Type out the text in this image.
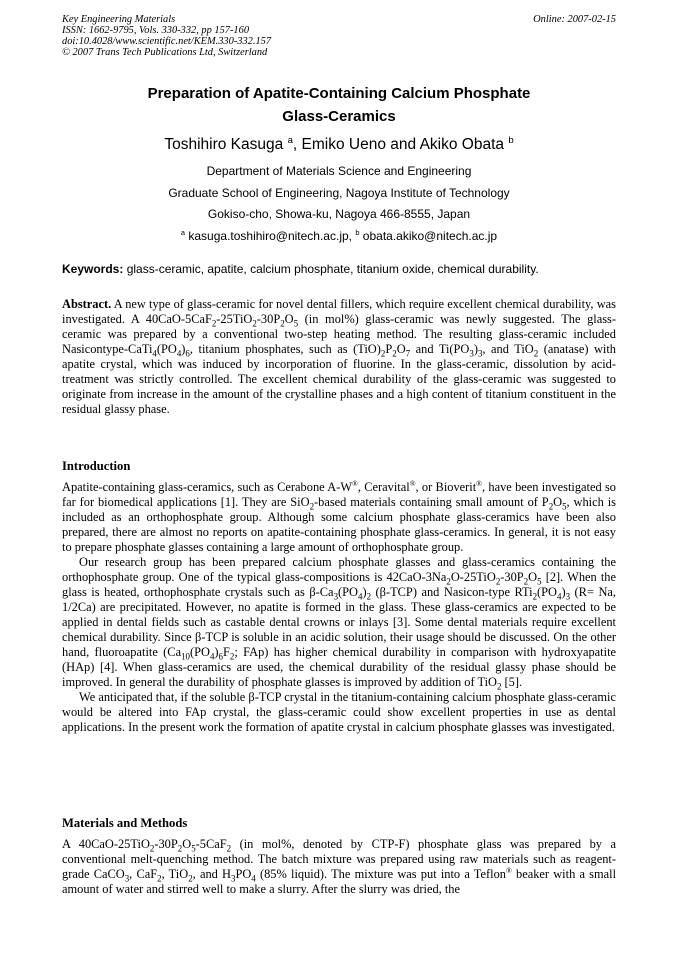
Key Engineering Materials
ISSN: 1662-9795, Vols. 330-332, pp 157-160
doi:10.4028/www.scientific.net/KEM.330-332.157
© 2007 Trans Tech Publications Ltd, Switzerland
Online: 2007-02-15
Preparation of Apatite-Containing Calcium Phosphate
Glass-Ceramics
Toshihiro Kasuga $^a$, Emiko Ueno and Akiko Obata $^b$
Department of Materials Science and Engineering
Graduate School of Engineering, Nagoya Institute of Technology
Gokiso-cho, Showa-ku, Nagoya 466-8555, Japan
$^a$ kasuga.toshihiro@nitech.ac.jp, $^b$ obata.akiko@nitech.ac.jp
Keywords: glass-ceramic, apatite, calcium phosphate, titanium oxide, chemical durability.

Abstract. A new type of glass-ceramic for novel dental fillers, which require excellent chemical durability, was investigated. A $40CaO-5CaF_2-25TiO_2-30P_2O_5$ (in mol%) glass-ceramic was newly suggested. The glass-ceramic was prepared by a conventional two-step heating method. The resulting glass-ceramic included Nasicontype-$CaTi_4(PO_4)_6$, titanium phosphates, such as $(TiO)_2P_2O_7$ and $Ti(PO_3)_3$, and TiO$_2$ (anatase) with apatite crystal, which was induced by incorporation of fluorine. In the glass-ceramic, dissolution by acid-treatment was strictly controlled. The excellent chemical durability of the glass-ceramic was suggested to originate from increase in the amount of the crystalline phases and a high content of titanium constituent in the residual glassy phase.

Introduction

Apatite-containing glass-ceramics, such as Cerabone A-W®, Ceravital®, or Bioverit®, have been investigated so far for biomedical applications [1]. They are SiO$_2$-based materials containing small amount of $P_2O_5$, which is included as an orthophosphate group. Although some calcium phosphate glass-ceramics have been also prepared, there are almost no reports on apatite-containing phosphate glass-ceramics. In general, it is not easy to prepare phosphate glasses containing a large amount of orthophosphate group.

Our research group has been prepared calcium phosphate glasses and glass-ceramics containing the orthophosphate group. One of the typical glass-compositions is $42CaO-3Na_2O-25TiO_2-30P_2O_5$ [2]. When the glass is heated, orthophosphate crystals such as $\beta-Ca_3(PO_4)_2$ (β-TCP) and Nasicon-type $RTi_2(PO_4)_3$ (R= Na, 1/2Ca) are precipitated. However, no apatite is formed in the glass. These glass-ceramics are expected to be applied in dental fields such as castable dental crowns or inlays [3]. Some dental materials require excellent chemical durability. Since β-TCP is soluble in an acidic solution, their usage should be discussed. On the other hand, fluoroapatite ($Ca_{10}(PO_4)_6F_2$; FAp) has higher chemical durability in comparison with hydroxyapatite (HAp) [4]. When glass-ceramics are used, the chemical durability of the residual glassy phase should be improved. In general the durability of phosphate glasses is improved by addition of TiO$_2$ [5].

We anticipated that, if the soluble β-TCP crystal in the titanium-containing calcium phosphate glass-ceramic would be altered into FAp crystal, the glass-ceramic could show excellent properties in use as dental applications. In the present work the formation of apatite crystal in calcium phosphate glasses was investigated.

Materials and Methods

A $40CaO-25TiO_2-30P_2O_5-5CaF_2$ (in mol%, denoted by CTP-F) phosphate glass was prepared by a conventional melt-quenching method. The batch mixture was prepared using raw materials such as reagent-grade CaCO$_3$, CaF$_2$, TiO$_2$, and $H_3PO_4$ (85% liquid). The mixture was put into a Teflon® beaker with a small amount of water and stirred well to make a slurry. After the slurry was dried, the
